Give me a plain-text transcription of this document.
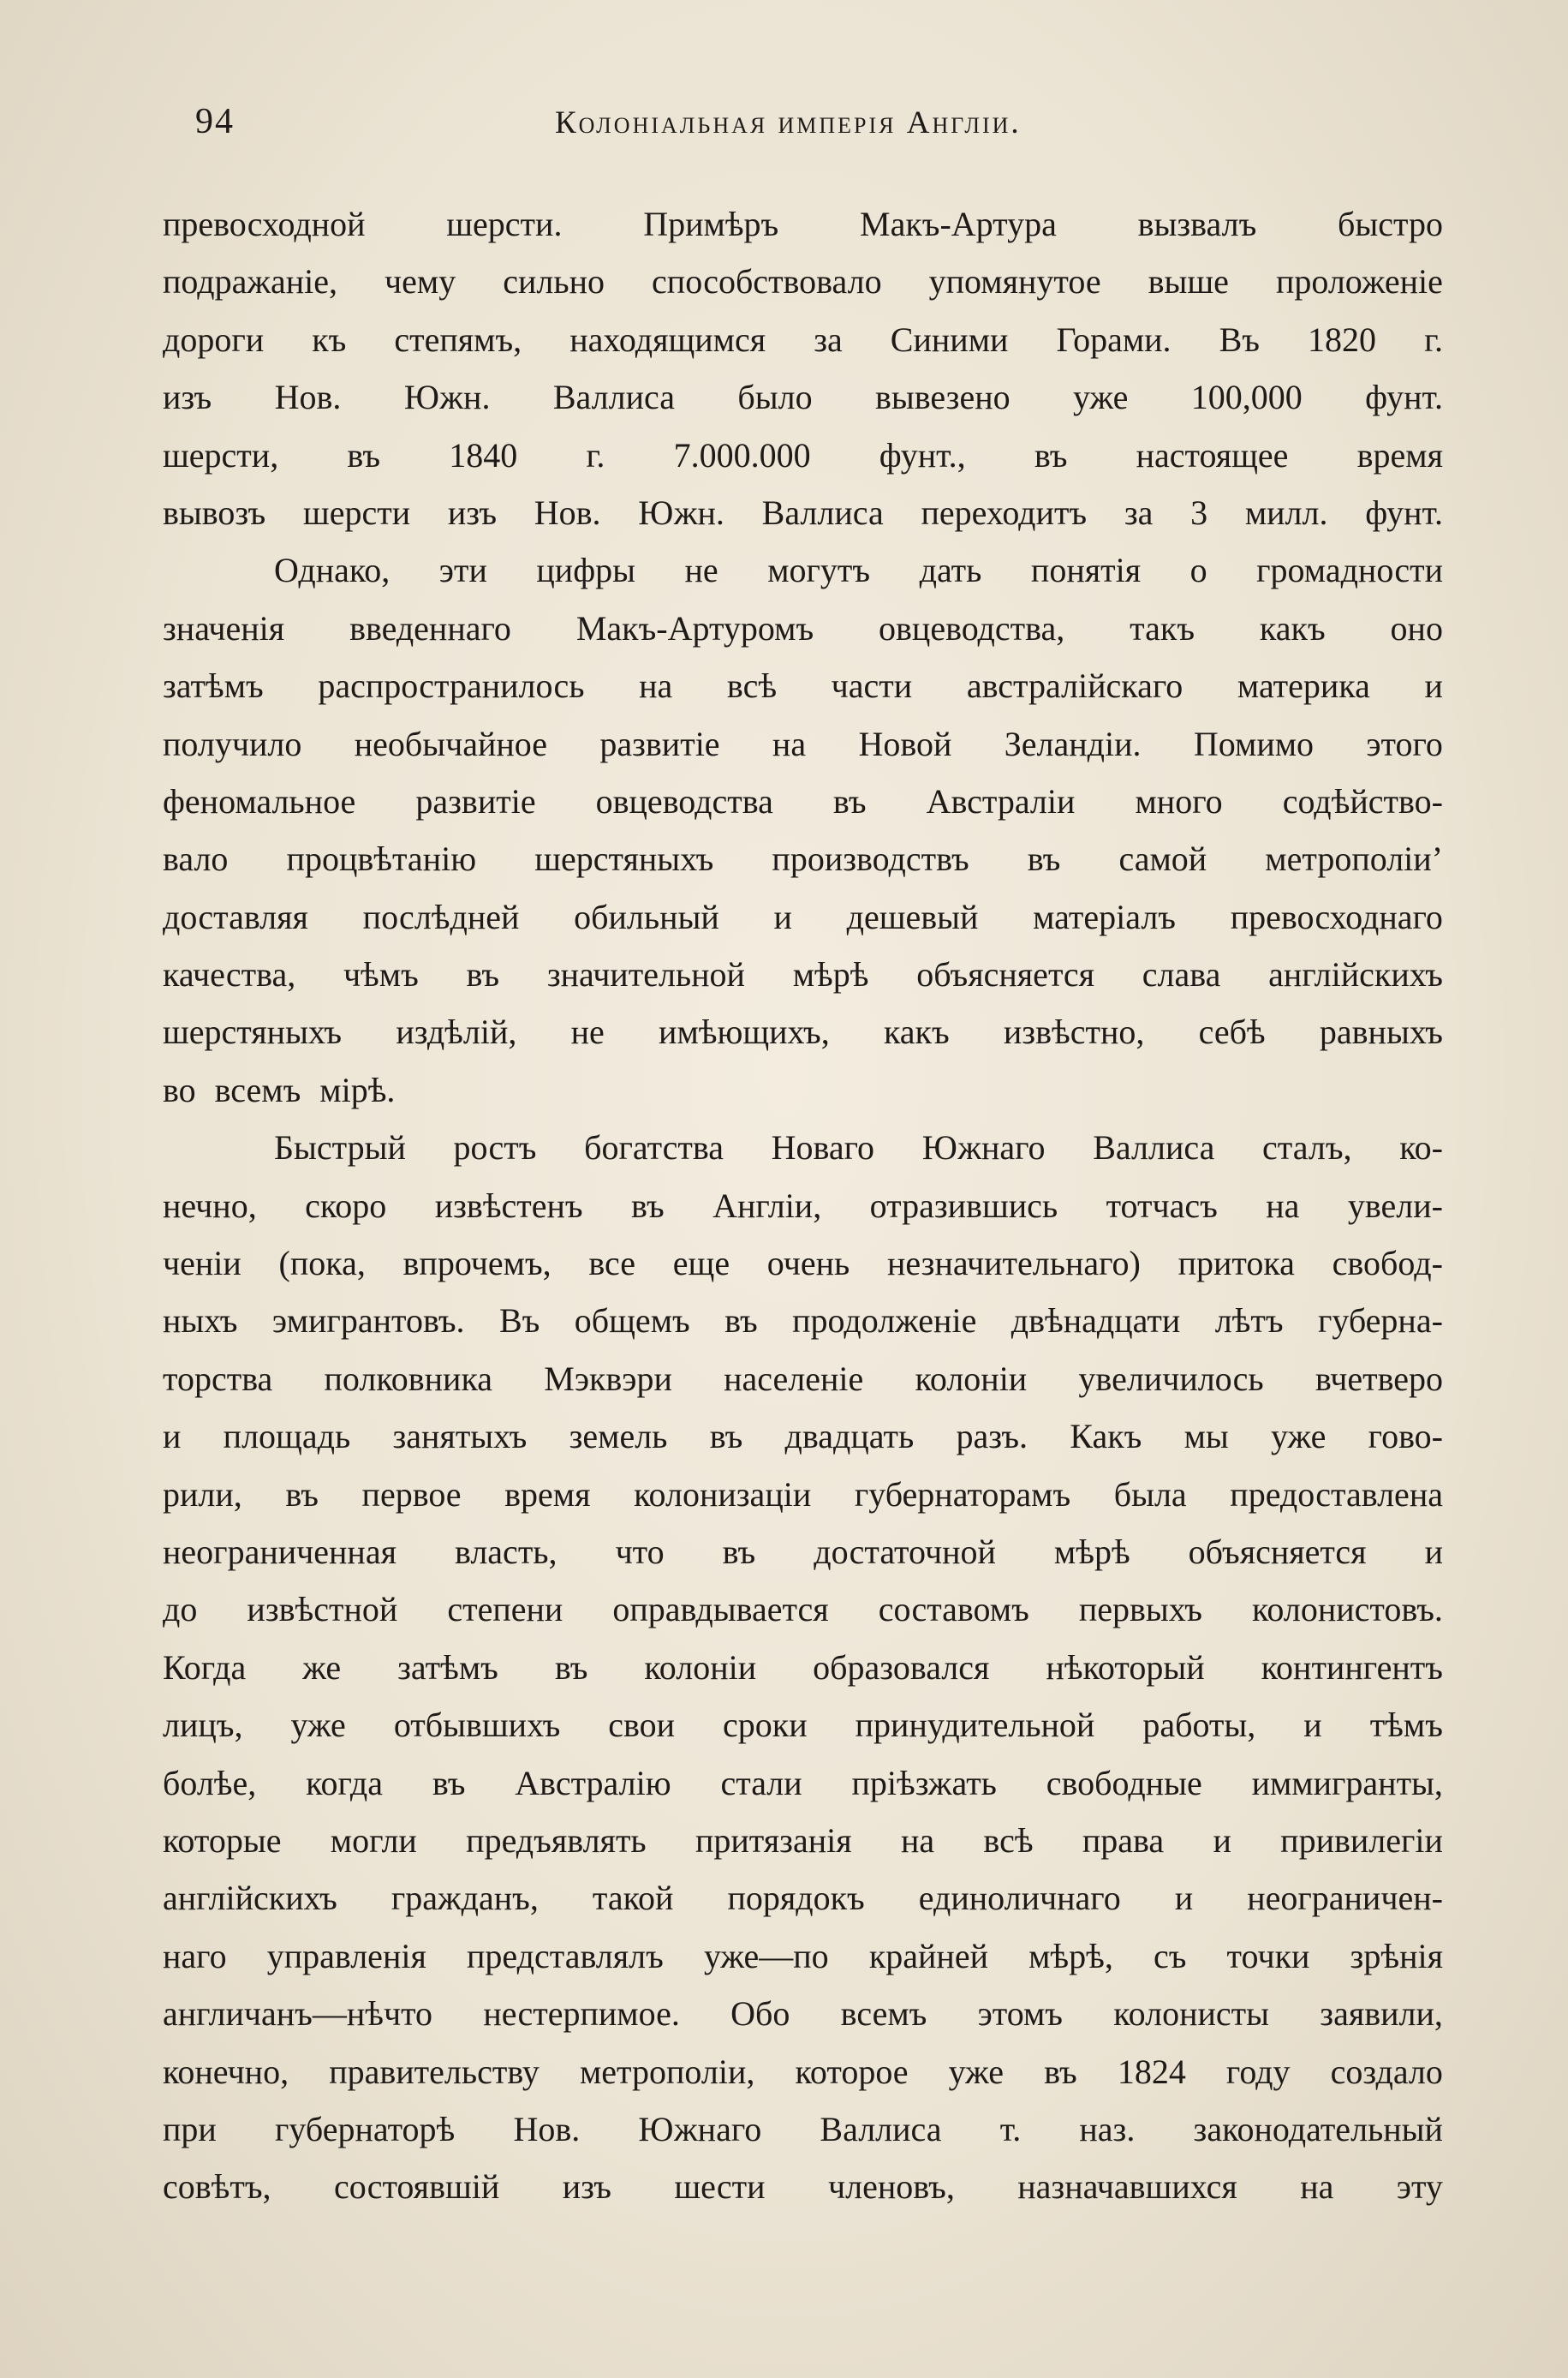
94	Колоніальная имперія Англіи.
превосходной шерсти. Примѣръ Макъ-Артура вызвалъ быстро
подражаніе, чему сильно способствовало упомянутое выше проложеніе
дороги къ степямъ, находящимся за Синими Горами. Въ 1820 г.
изъ Нов. Южн. Валлиса было вывезено уже 100,000 фунт.
шерсти, въ 1840 г. 7.000.000 фунт., въ настоящее время
вывозъ шерсти изъ Нов. Южн. Валлиса переходитъ за 3 милл. фунт.
Однако, эти цифры не могутъ дать понятія о громадности
значенія введеннаго Макъ-Артуромъ овцеводства, такъ какъ оно
затѣмъ распространилось на всѣ части австралійскаго материка и
получило необычайное развитіе на Новой Зеландіи. Помимо этого
феномальное развитіе овцеводства въ Австраліи много содѣйство-
вало процвѣтанію шерстяныхъ производствъ въ самой метрополіи’
доставляя послѣдней обильный и дешевый матеріалъ превосходнаго
качества, чѣмъ въ значительной мѣрѣ объясняется слава англійскихъ
шерстяныхъ издѣлій, не имѣющихъ, какъ извѣстно, себѣ равныхъ
во всемъ мірѣ.
Быстрый ростъ богатства Новаго Южнаго Валлиса сталъ, ко-
нечно, скоро извѣстенъ въ Англіи, отразившись тотчасъ на увели-
ченіи (пока, впрочемъ, все еще очень незначительнаго) притока свобод-
ныхъ эмигрантовъ. Въ общемъ въ продолженіе двѣнадцати лѣтъ губерна-
торства полковника Мэквэри населеніе колоніи увеличилось вчетверо
и площадь занятыхъ земель въ двадцать разъ. Какъ мы уже гово-
рили, въ первое время колонизаціи губернаторамъ была предоставлена
неограниченная власть, что въ достаточной мѣрѣ объясняется и
до извѣстной степени оправдывается составомъ первыхъ колонистовъ.
Когда же затѣмъ въ колоніи образовался нѣкоторый контингентъ
лицъ, уже отбывшихъ свои сроки принудительной работы, и тѣмъ
болѣе, когда въ Австралію стали пріѣзжать свободные иммигранты,
которые могли предъявлять притязанія на всѣ права и привилегіи
англійскихъ гражданъ, такой порядокъ единоличнаго и неограничен-
наго управленія представлялъ уже—по крайней мѣрѣ, съ точки зрѣнія
англичанъ—нѣчто нестерпимое. Обо всемъ этомъ колонисты заявили,
конечно, правительству метрополіи, которое уже въ 1824 году создало
при губернаторѣ Нов. Южнаго Валлиса т. наз. законодательный
совѣтъ, состоявшій изъ шести членовъ, назначавшихся на эту
